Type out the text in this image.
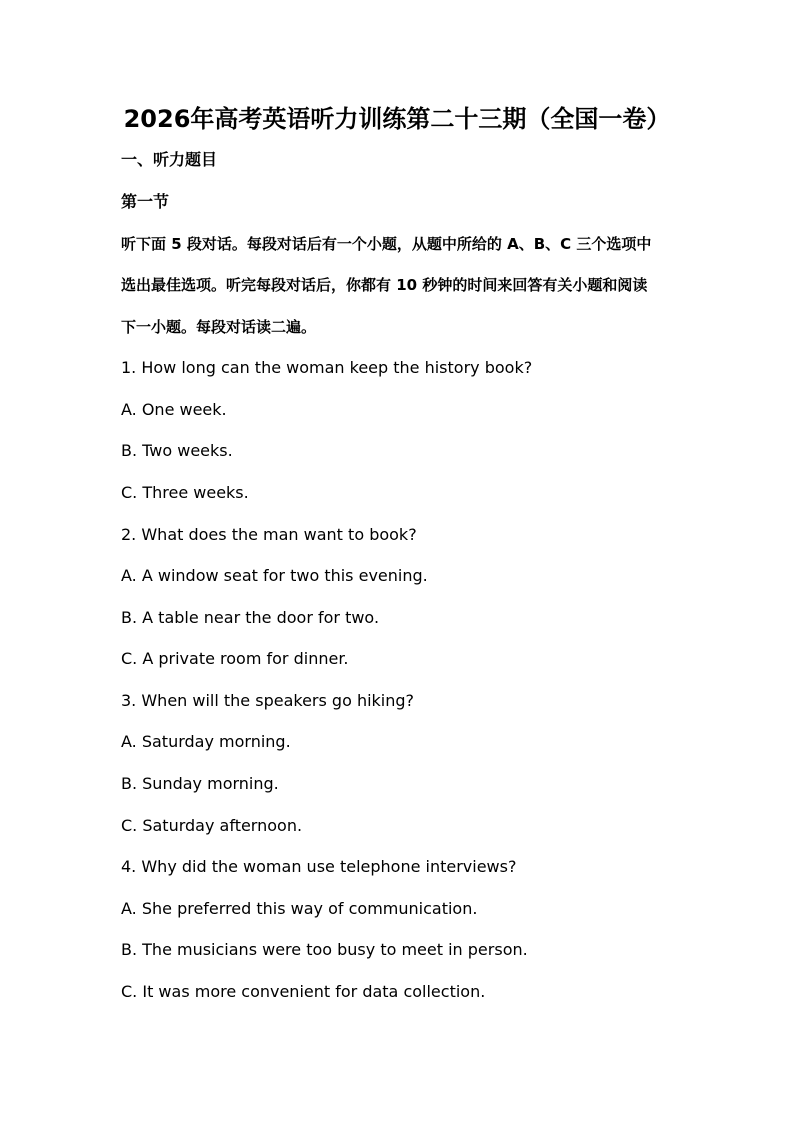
2026年高考英语听力训练第二十三期（全国一卷）
一、听力题目
第一节
听下面 5 段对话。每段对话后有一个小题，从题中所给的 A、B、C 三个选项中
选出最佳选项。听完每段对话后，你都有 10 秒钟的时间来回答有关小题和阅读
下一小题。每段对话读二遍。
1. How long can the woman keep the history book?
A. One week.
B. Two weeks.
C. Three weeks.
2. What does the man want to book?
A. A window seat for two this evening.
B. A table near the door for two.
C. A private room for dinner.
3. When will the speakers go hiking?
A. Saturday morning.
B. Sunday morning.
C. Saturday afternoon.
4. Why did the woman use telephone interviews?
A. She preferred this way of communication.
B. The musicians were too busy to meet in person.
C. It was more convenient for data collection.
